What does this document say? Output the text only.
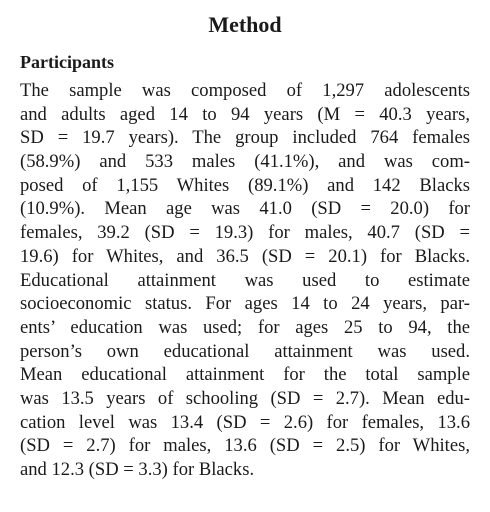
Method
Participants
The sample was composed of 1,297 adolescents
and adults aged 14 to 94 years (M = 40.3 years,
SD = 19.7 years). The group included 764 females
(58.9%) and 533 males (41.1%), and was com-
posed of 1,155 Whites (89.1%) and 142 Blacks
(10.9%). Mean age was 41.0 (SD = 20.0) for
females, 39.2 (SD = 19.3) for males, 40.7 (SD =
19.6) for Whites, and 36.5 (SD = 20.1) for Blacks.
Educational attainment was used to estimate
socioeconomic status. For ages 14 to 24 years, par-
ents’ education was used; for ages 25 to 94, the
person’s own educational attainment was used.
Mean educational attainment for the total sample
was 13.5 years of schooling (SD = 2.7). Mean edu-
cation level was 13.4 (SD = 2.6) for females, 13.6
(SD = 2.7) for males, 13.6 (SD = 2.5) for Whites,
and 12.3 (SD = 3.3) for Blacks.
